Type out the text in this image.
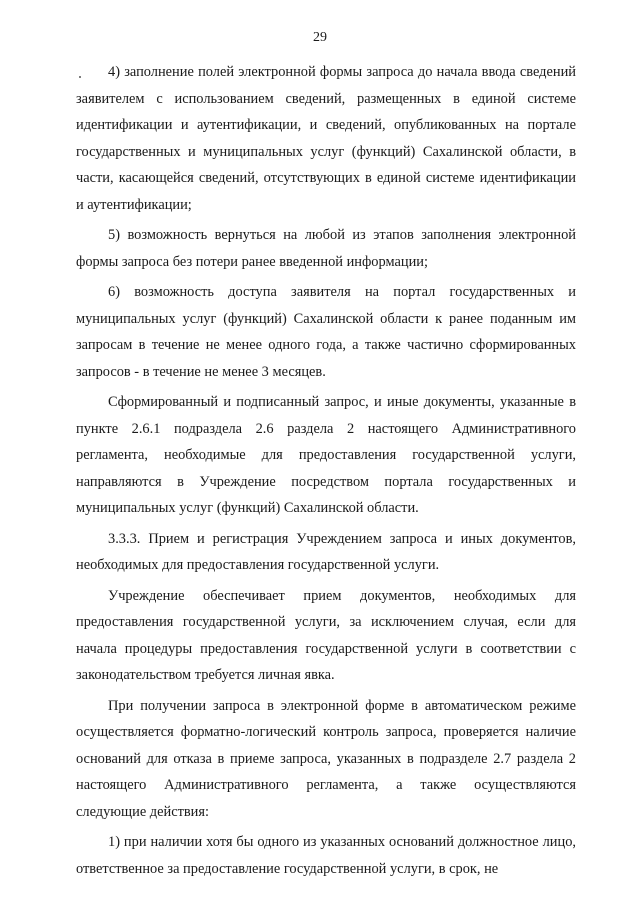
29

4) заполнение полей электронной формы запроса до начала ввода сведений заявителем с использованием сведений, размещенных в единой системе идентификации и аутентификации, и сведений, опубликованных на портале государственных и муниципальных услуг (функций) Сахалинской области, в части, касающейся сведений, отсутствующих в единой системе идентификации и аутентификации;

5) возможность вернуться на любой из этапов заполнения электронной формы запроса без потери ранее введенной информации;

6) возможность доступа заявителя на портал государственных и муниципальных услуг (функций) Сахалинской области к ранее поданным им запросам в течение не менее одного года, а также частично сформированных запросов - в течение не менее 3 месяцев.

Сформированный и подписанный запрос, и иные документы, указанные в пункте 2.6.1 подраздела 2.6 раздела 2 настоящего Административного регламента, необходимые для предоставления государственной услуги, направляются в Учреждение посредством портала государственных и муниципальных услуг (функций) Сахалинской области.

3.3.3. Прием и регистрация Учреждением запроса и иных документов, необходимых для предоставления государственной услуги.

Учреждение обеспечивает прием документов, необходимых для предоставления государственной услуги, за исключением случая, если для начала процедуры предоставления государственной услуги в соответствии с законодательством требуется личная явка.

При получении запроса в электронной форме в автоматическом режиме осуществляется форматно-логический контроль запроса, проверяется наличие оснований для отказа в приеме запроса, указанных в подразделе 2.7 раздела 2 настоящего Административного регламента, а также осуществляются следующие действия:

1) при наличии хотя бы одного из указанных оснований должностное лицо, ответственное за предоставление государственной услуги, в срок, не
